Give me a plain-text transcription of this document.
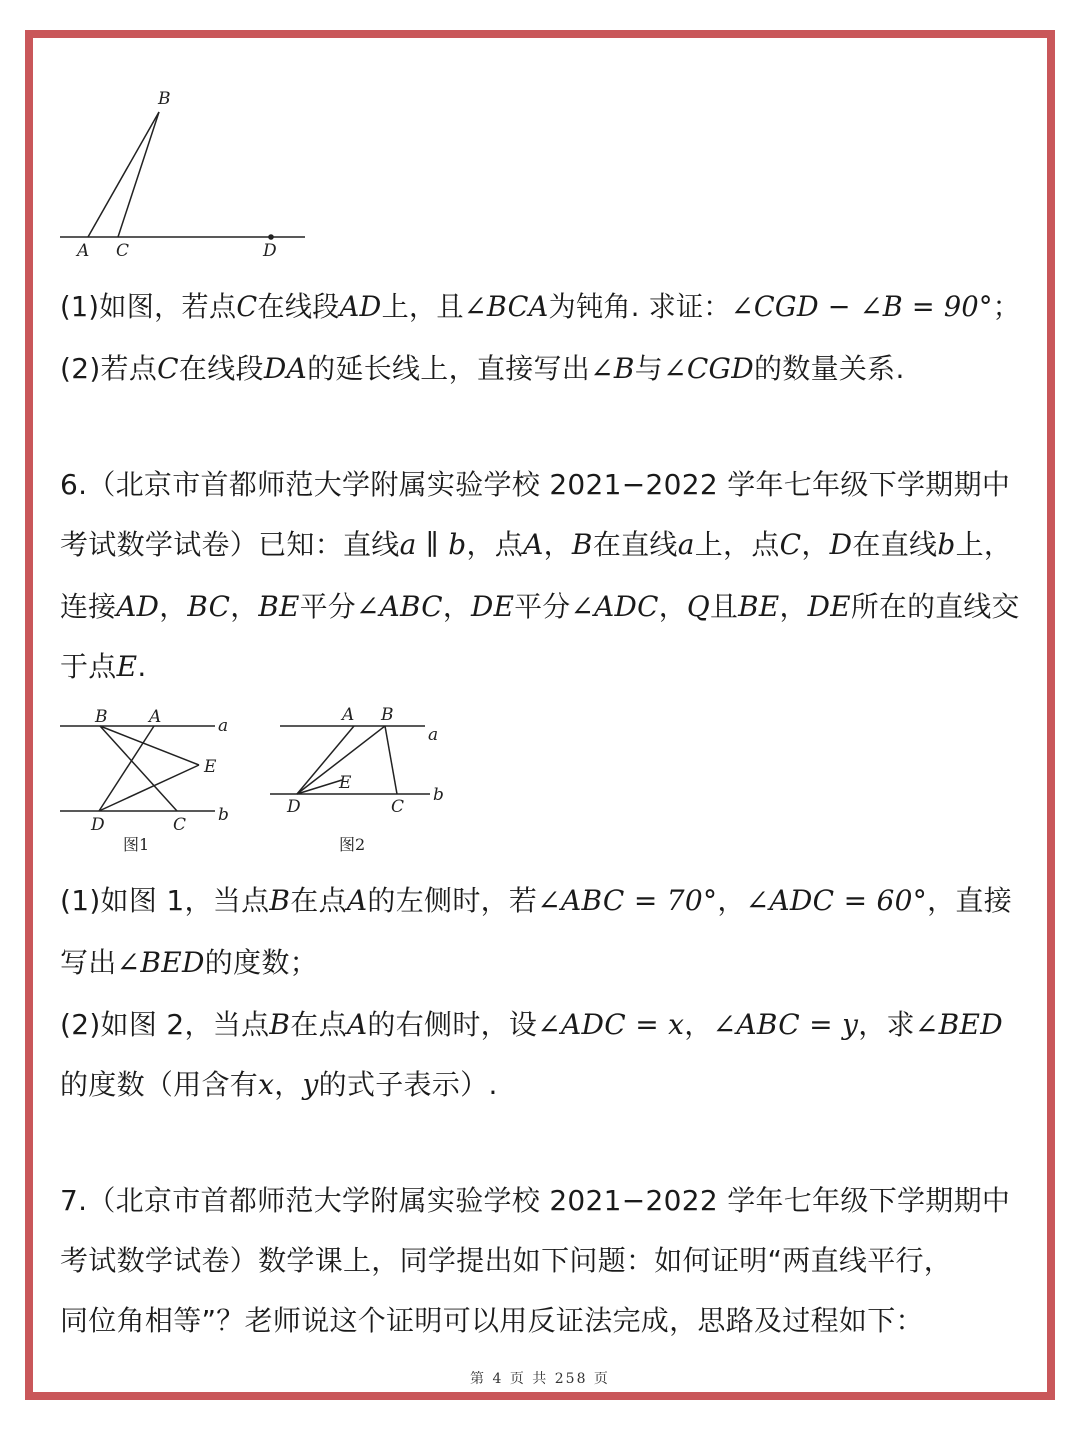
B
A C	D
(1)如图，若点C在线段AD上，且∠BCA为钝角. 求证：∠CGD − ∠B = 90°；
(2)若点C在线段DA的延长线上，直接写出∠B与∠CGD的数量关系.
6.（北京市首都师范大学附属实验学校 2021−2022 学年七年级下学期期中
考试数学试卷）已知：直线a ∥ b，点A，B在直线a上，点C，D在直线b上，
连接AD，BC，BE平分∠ABC，DE平分∠ADC，Q且BE，DE所在的直线交
于点E.
B A	a
E
D	C b
图1
A B
a
E
D	C
b
图2
(1)如图 1，当点B在点A的左侧时，若∠ABC = 70°，∠ADC = 60°，直接
写出∠BED的度数；
(2)如图 2，当点B在点A的右侧时，设∠ADC = x，∠ABC = y，求∠BED
的度数（用含有x，y的式子表示）.
7.（北京市首都师范大学附属实验学校 2021−2022 学年七年级下学期期中
考试数学试卷）数学课上，同学提出如下问题：如何证明“两直线平行，
同位角相等”？老师说这个证明可以用反证法完成，思路及过程如下：
第 4 页 共 258 页
